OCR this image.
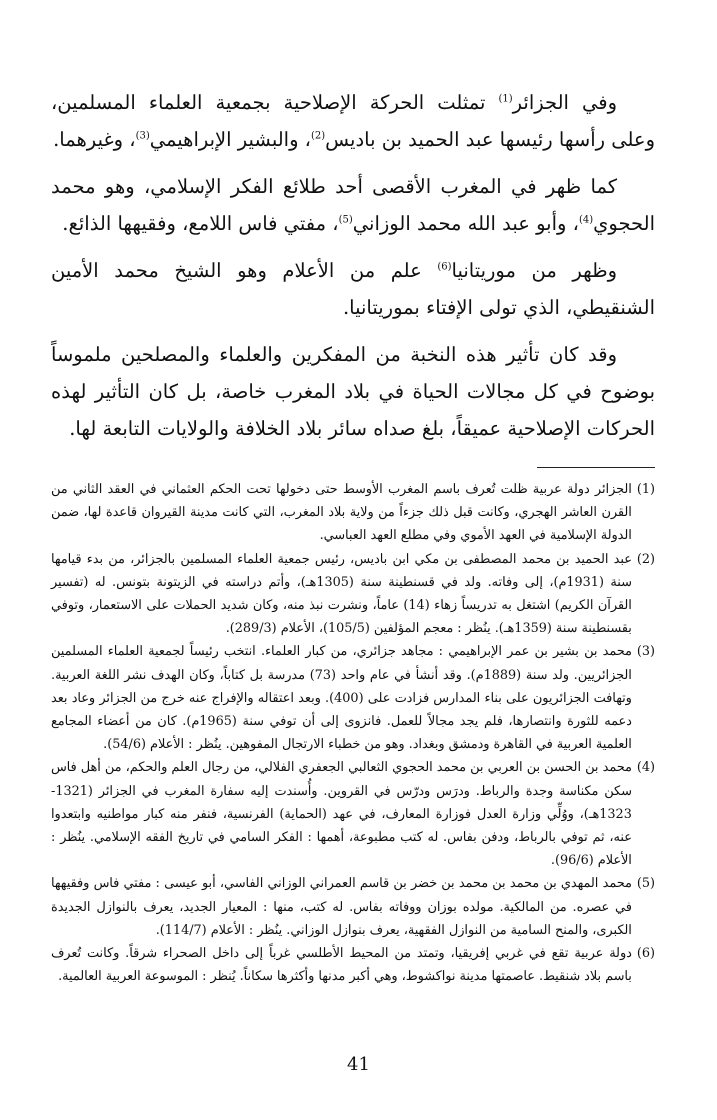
وفي الجزائر$^{(1)}$ تمثلت الحركة الإصلاحية بجمعية العلماء المسلمين، وعلى رأسها رئيسها عبد الحميد بن باديس$^{(2)}$، والبشير الإبراهيمي$^{(3)}$، وغيرهما.

كما ظهر في المغرب الأقصى أحد طلائع الفكر الإسلامي، وهو محمد الحجوي$^{(4)}$، وأبو عبد الله محمد الوزاني$^{(5)}$، مفتي فاس اللامع، وفقيهها الذائع.

وظهر من موريتانيا$^{(6)}$ علم من الأعلام وهو الشيخ محمد الأمين الشنقيطي، الذي تولى الإفتاء بموريتانيا.

وقد كان تأثير هذه النخبة من المفكرين والعلماء والمصلحين ملموساً بوضوح في كل مجالات الحياة في بلاد المغرب خاصة، بل كان التأثير لهذه الحركات الإصلاحية عميقاً، بلغ صداه سائر بلاد الخلافة والولايات التابعة لها.

(1)
الجزائر دولة عربية ظلت تُعرف باسم المغرب الأوسط حتى دخولها تحت الحكم العثماني في العقد الثاني من القرن العاشر الهجري، وكانت قبل ذلك جزءاً من ولاية بلاد المغرب، التي كانت مدينة القيروان قاعدة لها، ضمن الدولة الإسلامية في العهد الأموي وفي مطلع العهد العباسي.

(2)
عبد الحميد بن محمد المصطفى بن مكي ابن باديس، رئيس جمعية العلماء المسلمين بالجزائر، من بدء قيامها سنة (1931م)، إلى وفاته. ولد في قسنطينة سنة (1305هـ)، وأتم دراسته في الزيتونة بتونس. له (تفسير القرآن الكريم) اشتغل به تدريساً زهاء (14) عاماً، ونشرت نبذ منه، وكان شديد الحملات على الاستعمار، وتوفي بقسنطينة سنة (1359هـ). ينُظر : معجم المؤلفين (105/5)، الأعلام (289/3).

(3)
محمد بن بشير بن عمر الإبراهيمي : مجاهد جزائري، من كبار العلماء. انتخب رئيساً لجمعية العلماء المسلمين الجزائريين. ولد سنة (1889م). وقد أنشأ في عام واحد (73) مدرسة بل كتاباً، وكان الهدف نشر اللغة العربية. وتهافت الجزائريون على بناء المدارس فزادت على (400). وبعد اعتقاله والإفراج عنه خرج من الجزائر وعاد بعد دعمه للثورة وانتصارها، فلم يجد مجالاً للعمل. فانزوى إلى أن توفي سنة (1965م). كان من أعضاء المجامع العلمية العربية في القاهرة ودمشق وبغداد. وهو من خطباء الارتجال المفوهين. ينُظر : الأعلام (54/6).

(4)
محمد بن الحسن بن العربي بن محمد الحجوي الثعالبي الجعفري الفلالي، من رجال العلم والحكم، من أهل فاس سكن مكناسة وجدة والرباط. ودرَس ودرّس في القروين. وأُسندت إليه سفارة المغرب في الجزائر (1321-1323هـ)، ووُلِّي وزارة العدل فوزارة المعارف، في عهد (الحماية) الفرنسية، فنفر منه كبار مواطنيه وابتعدوا عنه، ثم توفي بالرباط، ودفن بفاس. له كتب مطبوعة، أهمها : الفكر السامي في تاريخ الفقه الإسلامي. ينُظر : الأعلام (96/6).

(5)
محمد المهدي بن محمد بن محمد بن خضر بن قاسم العمراني الوزاني الفاسي، أبو عيسى : مفتي فاس وفقيهها في عصره. من المالكية. مولده بوزان ووفاته بفاس. له كتب، منها : المعيار الجديد، يعرف بالنوازل الجديدة الكبرى، والمنح السامية من النوازل الفقهية، يعرف بنوازل الوزاني. ينُظر : الأعلام (114/7).

(6)
دولة عربية تقع في غربي إفريقيا، وتمتد من المحيط الأطلسي غرباً إلى داخل الصحراء شرقاً. وكانت تُعرف باسم بلاد شنقيط. عاصمتها مدينة نواكشوط، وهي أكبر مدنها وأكثرها سكاناً. يُنظر : الموسوعة العربية العالمية.

41
